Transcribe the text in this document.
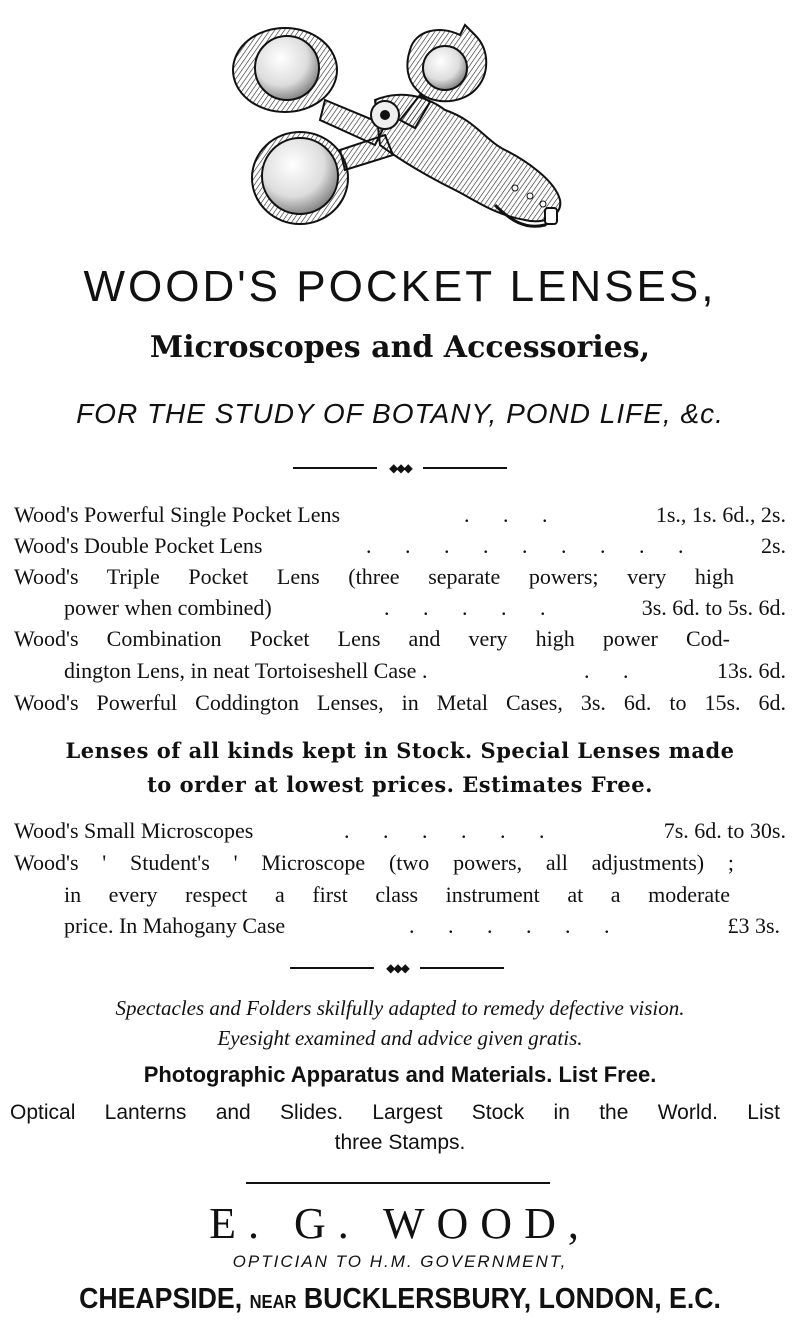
WOOD'S POCKET LENSES,
Microscopes and Accessories,
FOR THE STUDY OF BOTANY, POND LIFE, &c.
◆◆◆
Wood's Powerful Single Pocket Lens	. . .	1s., 1s. 6d., 2s.
Wood's Double Pocket Lens	. . . . . . . . .	2s.
Wood's Triple Pocket Lens (three separate powers; very high
power when combined)	. . . . .	3s. 6d. to 5s. 6d.
Wood's Combination Pocket Lens and very high power Cod-
dington Lens, in neat Tortoiseshell Case .	. .	13s. 6d.
Wood's Powerful Coddington Lenses, in Metal Cases, 3s. 6d. to 15s. 6d.
Lenses of all kinds kept in Stock. Special Lenses made
to order at lowest prices. Estimates Free.
Wood's Small Microscopes	. . . . . .	7s. 6d. to 30s.
Wood's ' Student's ' Microscope (two powers, all adjustments) ;
in every respect a first class instrument at a moderate
price. In Mahogany Case	. . . . . .	£3 3s.
◆◆◆
Spectacles and Folders skilfully adapted to remedy defective vision.
Eyesight examined and advice given gratis.
Photographic Apparatus and Materials. List Free.
Optical Lanterns and Slides. Largest Stock in the World. List
three Stamps.
E. G. WOOD,
OPTICIAN TO H.M. GOVERNMENT,
CHEAPSIDE, NEAR BUCKLERSBURY, LONDON, E.C.
